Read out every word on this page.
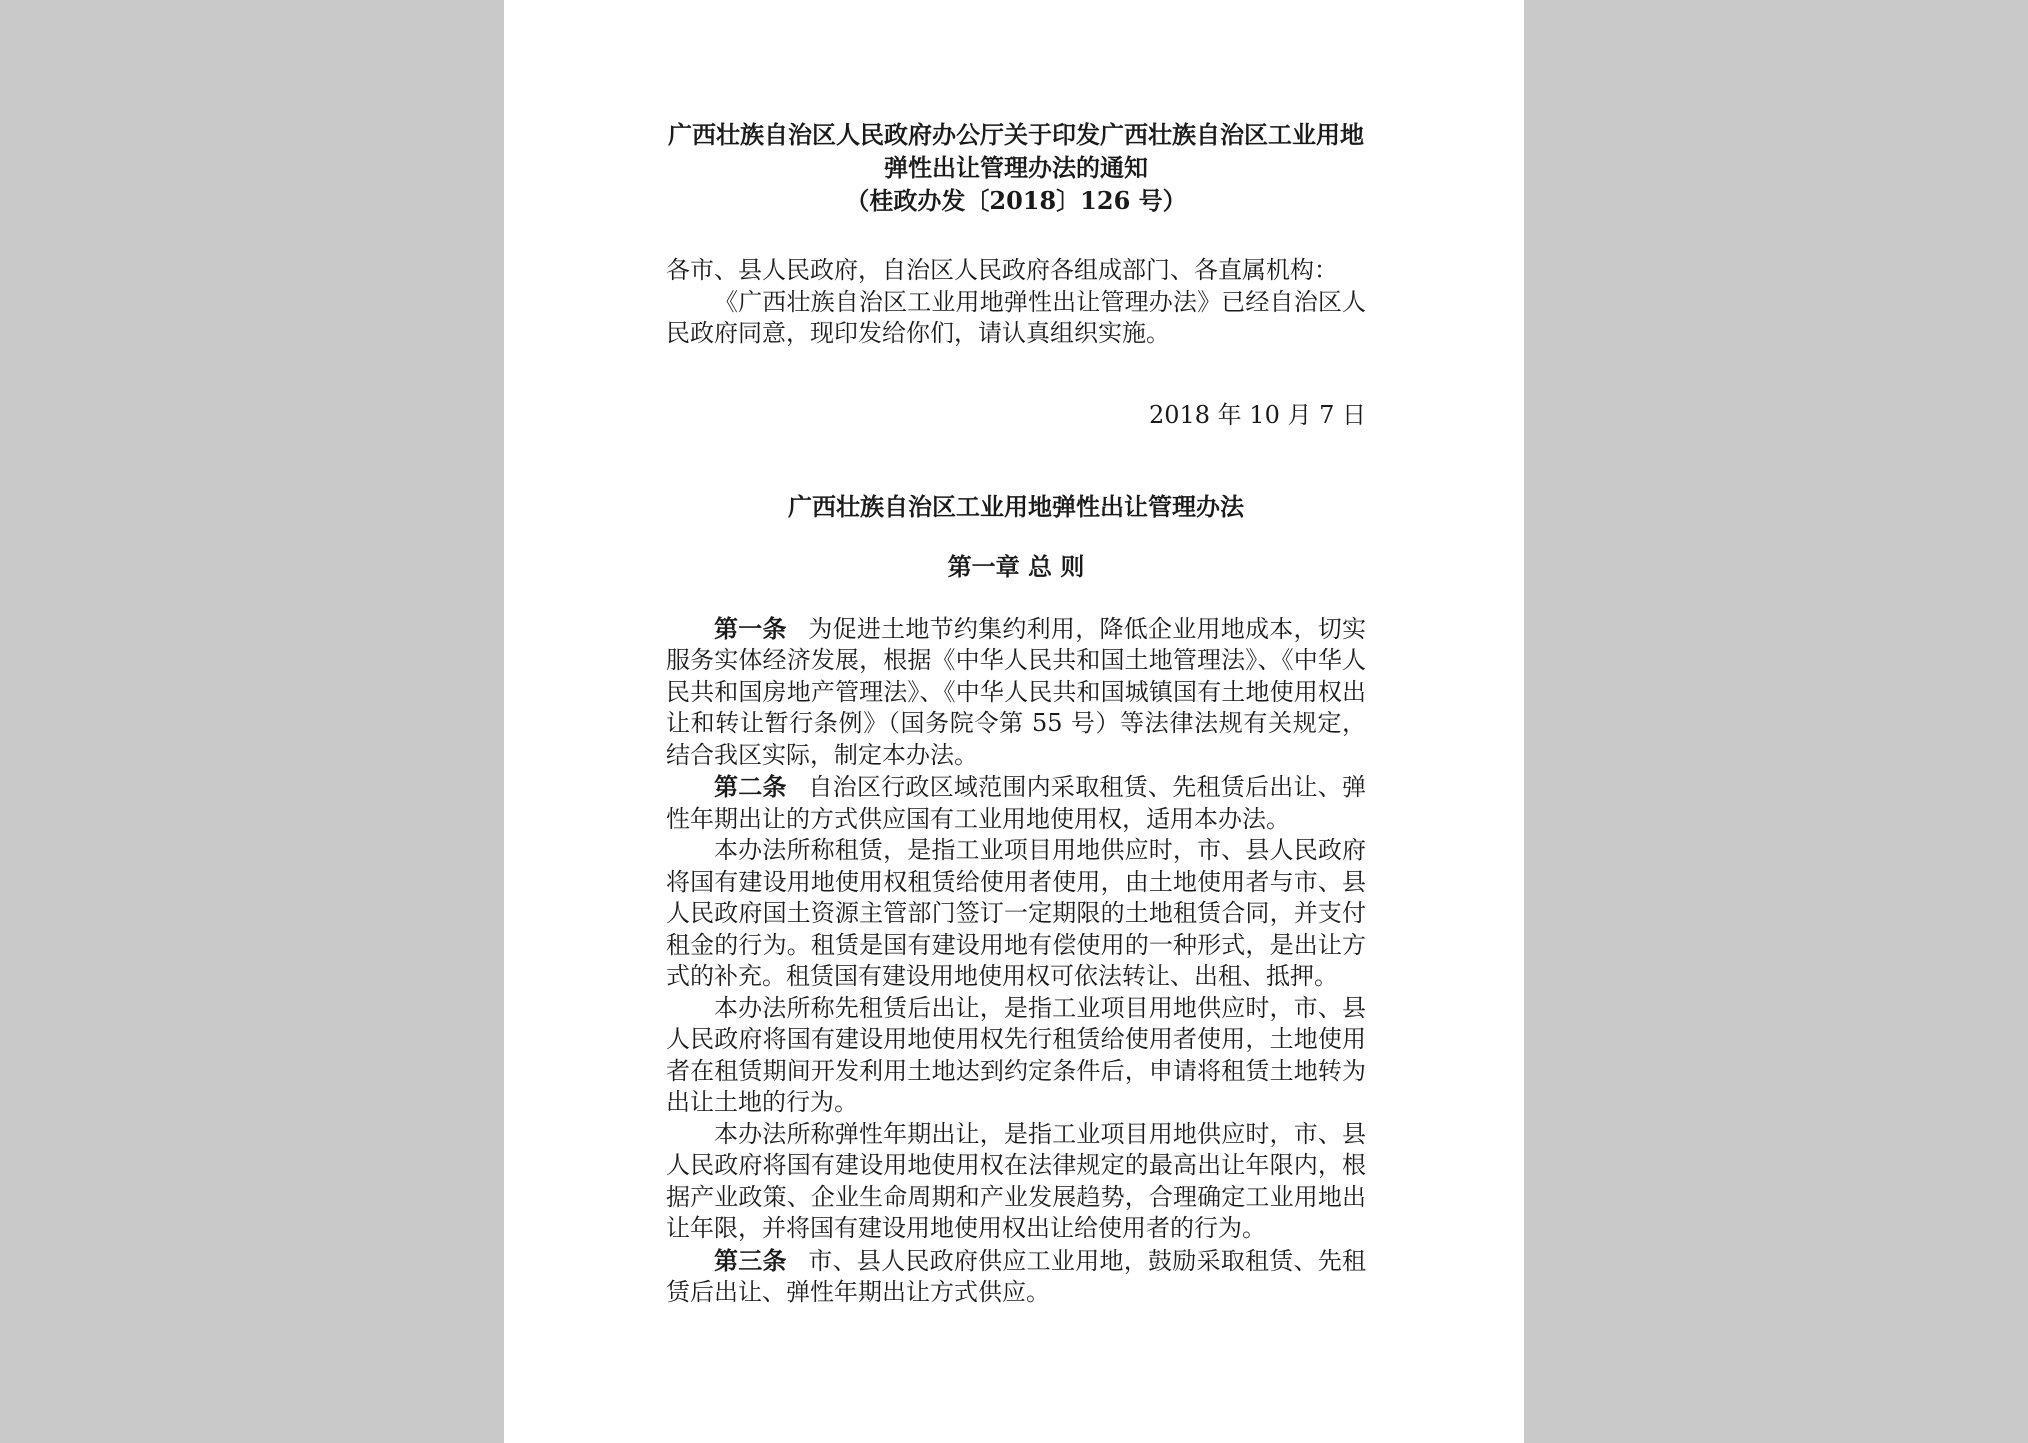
广西壮族自治区人民政府办公厅关于印发广西壮族自治区工业用地

弹性出让管理办法的通知

（桂政办发〔2018〕126 号）

各市、县人民政府，自治区人民政府各组成部门、各直属机构：

《广西壮族自治区工业用地弹性出让管理办法》已经自治区人民政府同意，现印发给你们，请认真组织实施。

2018 年 10 月 7 日

广西壮族自治区工业用地弹性出让管理办法

第一章 总 则

第一条 为促进土地节约集约利用，降低企业用地成本，切实服务实体经济发展，根据《中华人民共和国土地管理法》、《中华人民共和国房地产管理法》、《中华人民共和国城镇国有土地使用权出让和转让暂行条例》（国务院令第 55 号）等法律法规有关规定，结合我区实际，制定本办法。

第二条 自治区行政区域范围内采取租赁、先租赁后出让、弹性年期出让的方式供应国有工业用地使用权，适用本办法。

本办法所称租赁，是指工业项目用地供应时，市、县人民政府将国有建设用地使用权租赁给使用者使用，由土地使用者与市、县人民政府国土资源主管部门签订一定期限的土地租赁合同，并支付租金的行为。租赁是国有建设用地有偿使用的一种形式，是出让方式的补充。租赁国有建设用地使用权可依法转让、出租、抵押。

本办法所称先租赁后出让，是指工业项目用地供应时，市、县人民政府将国有建设用地使用权先行租赁给使用者使用，土地使用者在租赁期间开发利用土地达到约定条件后，申请将租赁土地转为出让土地的行为。

本办法所称弹性年期出让，是指工业项目用地供应时，市、县人民政府将国有建设用地使用权在法律规定的最高出让年限内，根据产业政策、企业生命周期和产业发展趋势，合理确定工业用地出让年限，并将国有建设用地使用权出让给使用者的行为。

第三条 市、县人民政府供应工业用地，鼓励采取租赁、先租赁后出让、弹性年期出让方式供应。
